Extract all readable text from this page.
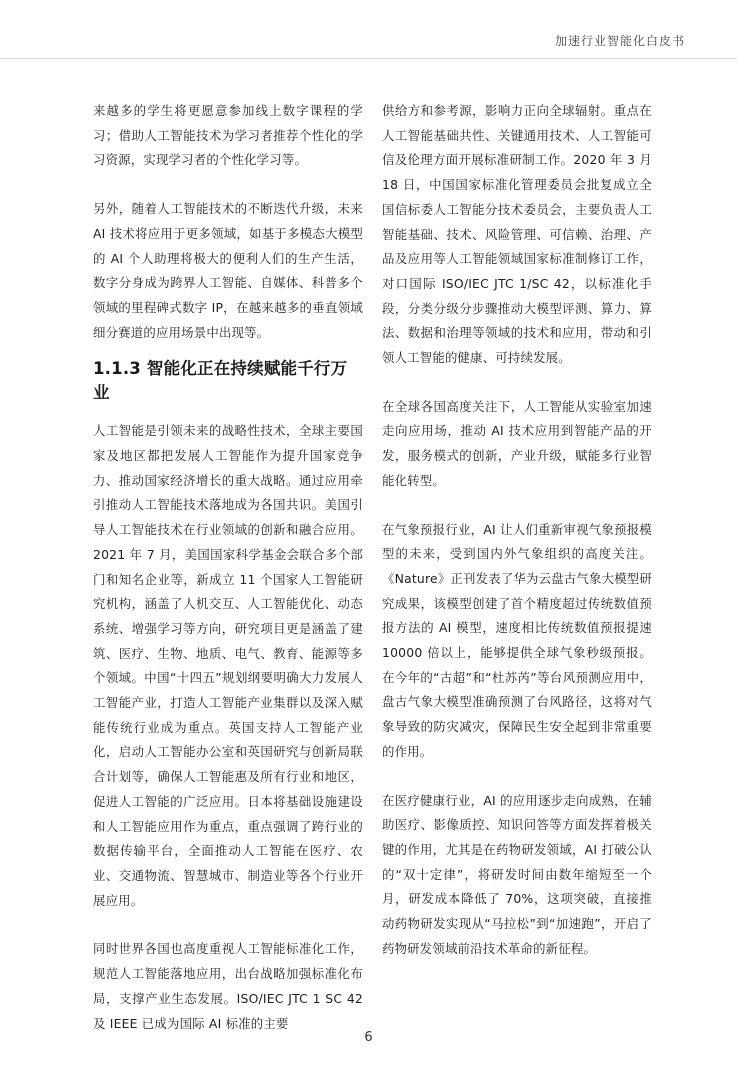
加速行业智能化白皮书

来越多的学生将更愿意参加线上数字课程的学习；借助人工智能技术为学习者推荐个性化的学习资源，实现学习者的个性化学习等。

另外，随着人工智能技术的不断迭代升级，未来 AI 技术将应用于更多领域，如基于多模态大模型的 AI 个人助理将极大的便利人们的生产生活，数字分身成为跨界人工智能、自媒体、科普多个领域的里程碑式数字 IP，在越来越多的垂直领域细分赛道的应用场景中出现等。

1.1.3 智能化正在持续赋能千行万业

人工智能是引领未来的战略性技术，全球主要国家及地区都把发展人工智能作为提升国家竞争力、推动国家经济增长的重大战略。通过应用牵引推动人工智能技术落地成为各国共识。美国引导人工智能技术在行业领域的创新和融合应用。2021 年 7 月，美国国家科学基金会联合多个部门和知名企业等，新成立 11 个国家人工智能研究机构，涵盖了人机交互、人工智能优化、动态系统、增强学习等方向，研究项目更是涵盖了建筑、医疗、生物、地质、电气、教育、能源等多个领域。中国“十四五”规划纲要明确大力发展人工智能产业，打造人工智能产业集群以及深入赋能传统行业成为重点。英国支持人工智能产业化，启动人工智能办公室和英国研究与创新局联合计划等，确保人工智能惠及所有行业和地区，促进人工智能的广泛应用。日本将基础设施建设和人工智能应用作为重点，重点强调了跨行业的数据传输平台，全面推动人工智能在医疗、农业、交通物流、智慧城市、制造业等各个行业开展应用。

同时世界各国也高度重视人工智能标准化工作，规范人工智能落地应用，出台战略加强标准化布局，支撑产业生态发展。ISO/IEC JTC 1 SC 42 及 IEEE 已成为国际 AI 标准的主要

供给方和参考源，影响力正向全球辐射。重点在人工智能基础共性、关键通用技术、人工智能可信及伦理方面开展标准研制工作。2020 年 3 月 18 日，中国国家标准化管理委员会批复成立全国信标委人工智能分技术委员会，主要负责人工智能基础、技术、风险管理、可信赖、治理、产品及应用等人工智能领域国家标准制修订工作，对口国际 ISO/IEC JTC 1/SC 42，以标准化手段，分类分级分步骤推动大模型评测、算力、算法、数据和治理等领域的技术和应用，带动和引领人工智能的健康、可持续发展。

在全球各国高度关注下，人工智能从实验室加速走向应用场，推动 AI 技术应用到智能产品的开发，服务模式的创新，产业升级，赋能多行业智能化转型。

在气象预报行业，AI 让人们重新审视气象预报模型的未来，受到国内外气象组织的高度关注。《Nature》正刊发表了华为云盘古气象大模型研究成果，该模型创建了首个精度超过传统数值预报方法的 AI 模型，速度相比传统数值预报提速 10000 倍以上，能够提供全球气象秒级预报。在今年的“古超”和“杜苏芮”等台风预测应用中，盘古气象大模型准确预测了台风路径，这将对气象导致的防灾减灾，保障民生安全起到非常重要的作用。

在医疗健康行业，AI 的应用逐步走向成熟，在辅助医疗、影像质控、知识问答等方面发挥着极关键的作用，尤其是在药物研发领域，AI 打破公认的“双十定律”，将研发时间由数年缩短至一个月，研发成本降低了 70%，这项突破，直接推动药物研发实现从“马拉松”到“加速跑”，开启了药物研发领域前沿技术革命的新征程。

6
